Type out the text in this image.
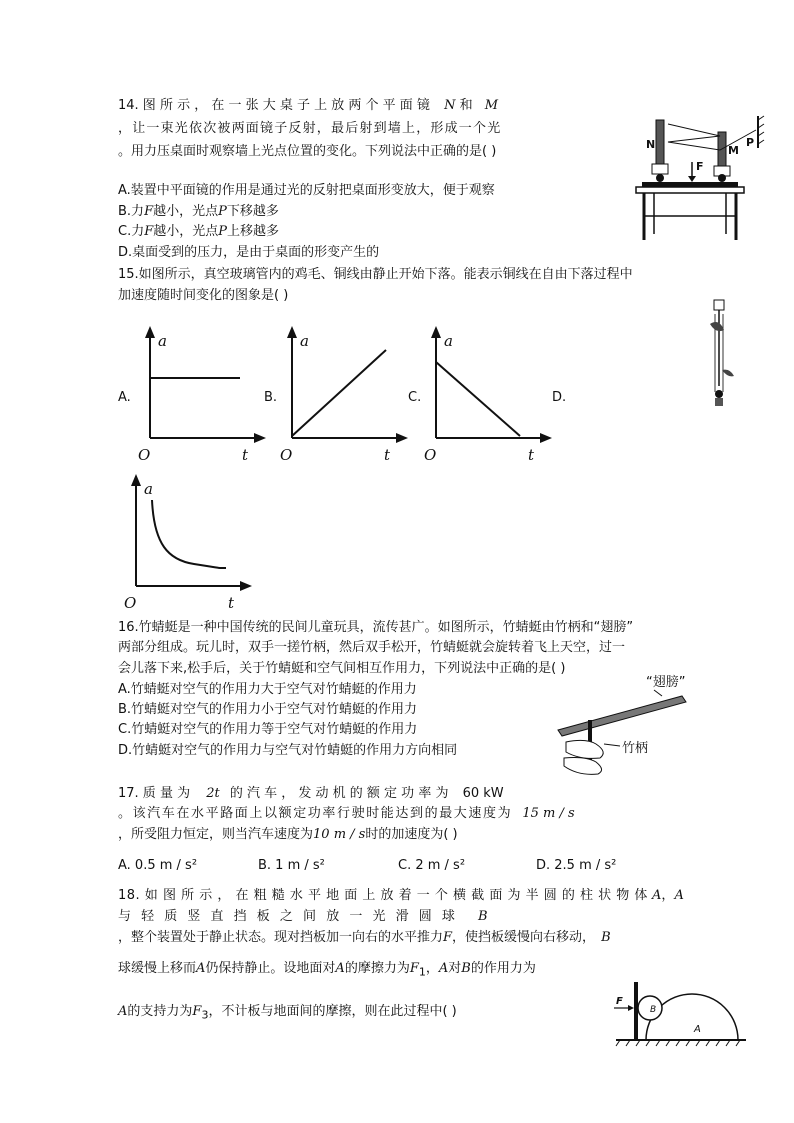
14. 图 所 示 ， 在 一 张 大 桌 子 上 放 两 个 平 面 镜 N 和 M
，让一束光依次被两面镜子反射，最后射到墙上，形成一个光
。用力压桌面时观察墙上光点位置的变化。下列说法中正确的是( )	N	M
F
P
A.装置中平面镜的作用是通过光的反射把桌面形变放大，便于观察
B.力F越小，光点P下移越多
C.力F越小，光点P上移越多
D.桌面受到的压力，是由于桌面的形变产生的
15.如图所示，真空玻璃管内的鸡毛、铜线由静止开始下落。能表示铜线在自由下落过程中
加速度随时间变化的图象是( )
A.	B.	C.	D.
a
t
O
a
t
O
a
t
O
a
t
O
16.竹蜻蜓是一种中国传统的民间儿童玩具，流传甚广。如图所示，竹蜻蜓由竹柄和“翅膀”
两部分组成。玩儿时，双手一搓竹柄，然后双手松开，竹蜻蜓就会旋转着飞上天空，过一
会儿落下来,松手后，关于竹蜻蜓和空气间相互作用力，下列说法中正确的是( )
A.竹蜻蜓对空气的作用力大于空气对竹蜻蜓的作用力
B.竹蜻蜓对空气的作用力小于空气对竹蜻蜓的作用力
C.竹蜻蜓对空气的作用力等于空气对竹蜻蜓的作用力
D.竹蜻蜓对空气的作用力与空气对竹蜻蜓的作用力方向相同
“翅膀”
竹柄
17. 质 量 为 2t 的 汽 车 ， 发 动 机 的 额 定 功 率 为 60 kW
。该汽车在水平路面上以额定功率行驶时能达到的最大速度为 15 m / s
，所受阻力恒定，则当汽车速度为10 m / s时的加速度为( )
A. 0.5 m / s²	B. 1 m / s²	C. 2 m / s²	D. 2.5 m / s²
18. 如 图 所 示 ， 在 粗 糙 水 平 地 面 上 放 着 一 个 横 截 面 为 半 圆 的 柱 状 物 体 A，A
与 轻 质 竖 直 挡 板 之 间 放 一 光 滑 圆 球 B
，整个装置处于静止状态。现对挡板加一向右的水平推力F，使挡板缓慢向右移动， B
球缓慢上移而A仍保持静止。设地面对A的摩擦力为$F_1$，A对B的作用力为
A的支持力为$F_3$，不计板与地面间的摩擦，则在此过程中( )
F
B
A
